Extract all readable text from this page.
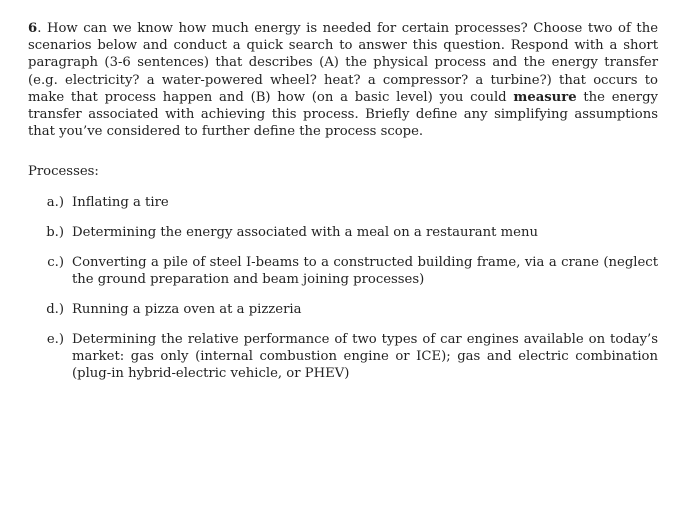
6. How can we know how much energy is needed for certain processes? Choose two of the scenarios below and conduct a quick search to answer this question. Respond with a short paragraph (3-6 sentences) that describes (A) the physical process and the energy transfer (e.g. electricity? a water-powered wheel? heat? a compressor? a turbine?) that occurs to make that process happen and (B) how (on a basic level) you could measure the energy transfer associated with achieving this process. Briefly define any simplifying assumptions that you’ve considered to further define the process scope.

Processes:

a.) Inflating a tire
b.) Determining the energy associated with a meal on a restaurant menu
c.) Converting a pile of steel I-beams to a constructed building frame, via a crane (neglect the ground preparation and beam joining processes)
d.) Running a pizza oven at a pizzeria
e.) Determining the relative performance of two types of car engines available on today’s market: gas only (internal combustion engine or ICE); gas and electric combination (plug-in hybrid-electric vehicle, or PHEV)
